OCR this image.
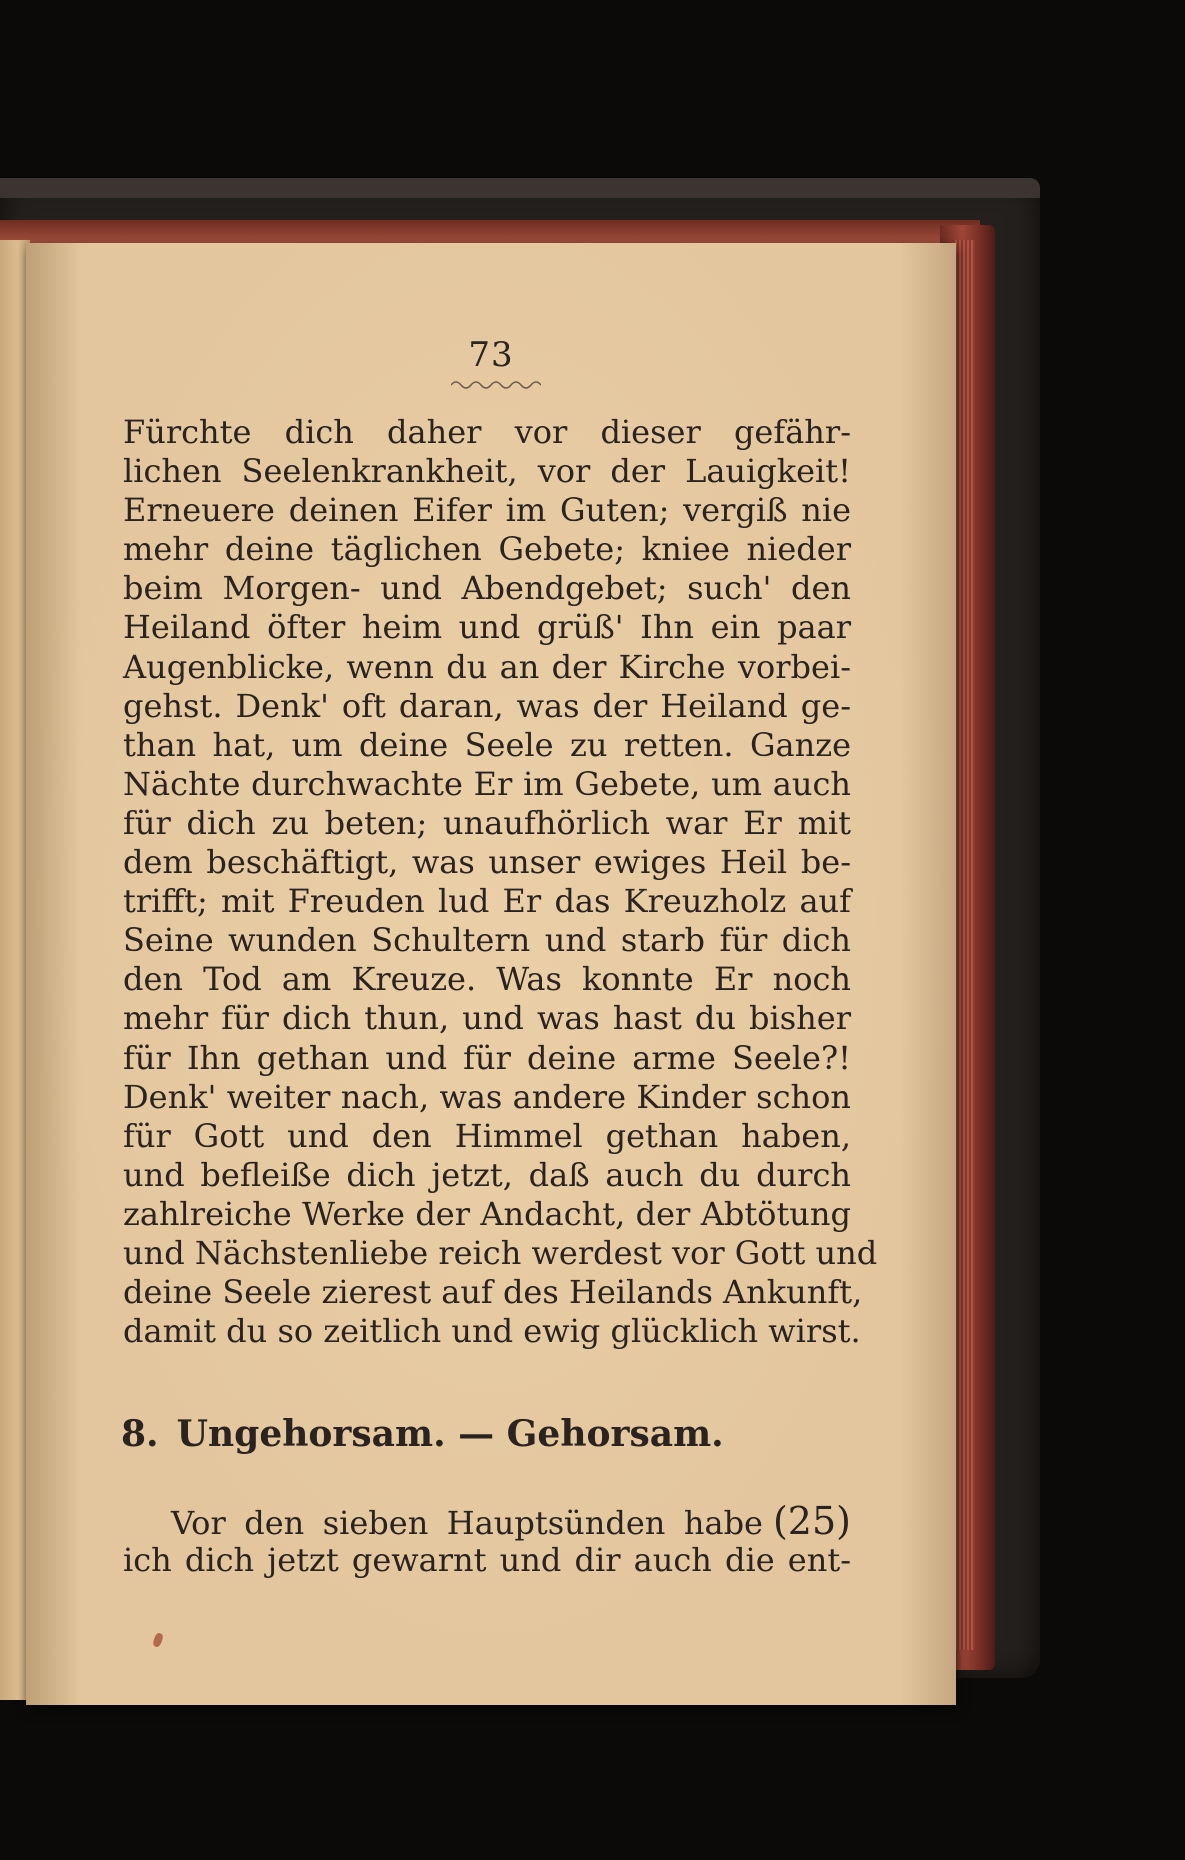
73
Fürchte dich daher vor dieser gefähr-
lichen Seelenkrankheit, vor der Lauigkeit!
Erneuere deinen Eifer im Guten; vergiß nie
mehr deine täglichen Gebete; kniee nieder
beim Morgen- und Abendgebet; such' den
Heiland öfter heim und grüß' Ihn ein paar
Augenblicke, wenn du an der Kirche vorbei-
gehst. Denk' oft daran, was der Heiland ge-
than hat, um deine Seele zu retten. Ganze
Nächte durchwachte Er im Gebete, um auch
für dich zu beten; unaufhörlich war Er mit
dem beschäftigt, was unser ewiges Heil be-
trifft; mit Freuden lud Er das Kreuzholz auf
Seine wunden Schultern und starb für dich
den Tod am Kreuze. Was konnte Er noch
mehr für dich thun, und was hast du bisher
für Ihn gethan und für deine arme Seele?!
Denk' weiter nach, was andere Kinder schon
für Gott und den Himmel gethan haben,
und befleiße dich jetzt, daß auch du durch
zahlreiche Werke der Andacht, der Abtötung
und Nächstenliebe reich werdest vor Gott und
deine Seele zierest auf des Heilands Ankunft,
damit du so zeitlich und ewig glücklich wirst.
8. Ungehorsam. — Gehorsam.
Vor den sieben Hauptsünden habe (25)
ich dich jetzt gewarnt und dir auch die ent-
